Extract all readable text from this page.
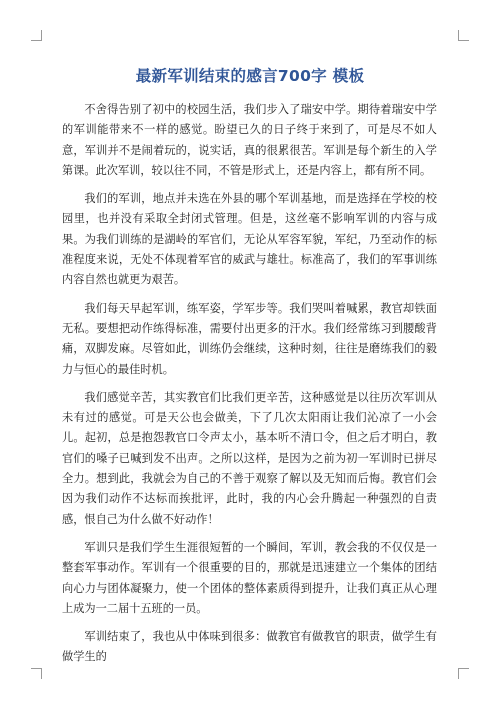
最新军训结束的感言700字 模板

不舍得告别了初中的校园生活，我们步入了瑞安中学。期待着瑞安中学的军训能带来不一样的感觉。盼望已久的日子终于来到了，可是尽不如人意，军训并不是闹着玩的，说实话，真的很累很苦。军训是每个新生的入学第课。此次军训，较以往不同，不管是形式上，还是内容上，都有所不同。

我们的军训，地点并未选在外县的哪个军训基地，而是选择在学校的校园里，也并没有采取全封闭式管理。但是，这丝毫不影响军训的内容与成果。为我们训练的是湖岭的军官们，无论从军容军貌，军纪，乃至动作的标准程度来说，无处不体现着军官的威武与雄壮。标准高了，我们的军事训练内容自然也就更为艰苦。

我们每天早起军训，练军姿，学军步等。我们哭叫着喊累，教官却铁面无私。要想把动作练得标准，需要付出更多的汗水。我们经常练习到腰酸背痛，双脚发麻。尽管如此，训练仍会继续，这种时刻，往往是磨练我们的毅力与恒心的最佳时机。

我们感觉辛苦，其实教官们比我们更辛苦，这种感觉是以往历次军训从未有过的感觉。可是天公也会做美，下了几次太阳雨让我们沁凉了一小会儿。起初，总是抱怨教官口令声太小，基本听不清口令，但之后才明白，教官们的嗓子已喊到发不出声。之所以这样，是因为之前为初一军训时已拼尽全力。想到此，我就会为自己的不善于观察了解以及无知而后悔。教官们会因为我们动作不达标而挨批评，此时，我的内心会升腾起一种强烈的自责感，恨自己为什么做不好动作！

军训只是我们学生生涯很短暂的一个瞬间，军训，教会我的不仅仅是一整套军事动作。军训有一个很重要的目的，那就是迅速建立一个集体的团结向心力与团体凝聚力，使一个团体的整体素质得到提升，让我们真正从心理上成为一二届十五班的一员。

军训结束了，我也从中体味到很多：做教官有做教官的职责，做学生有做学生的
